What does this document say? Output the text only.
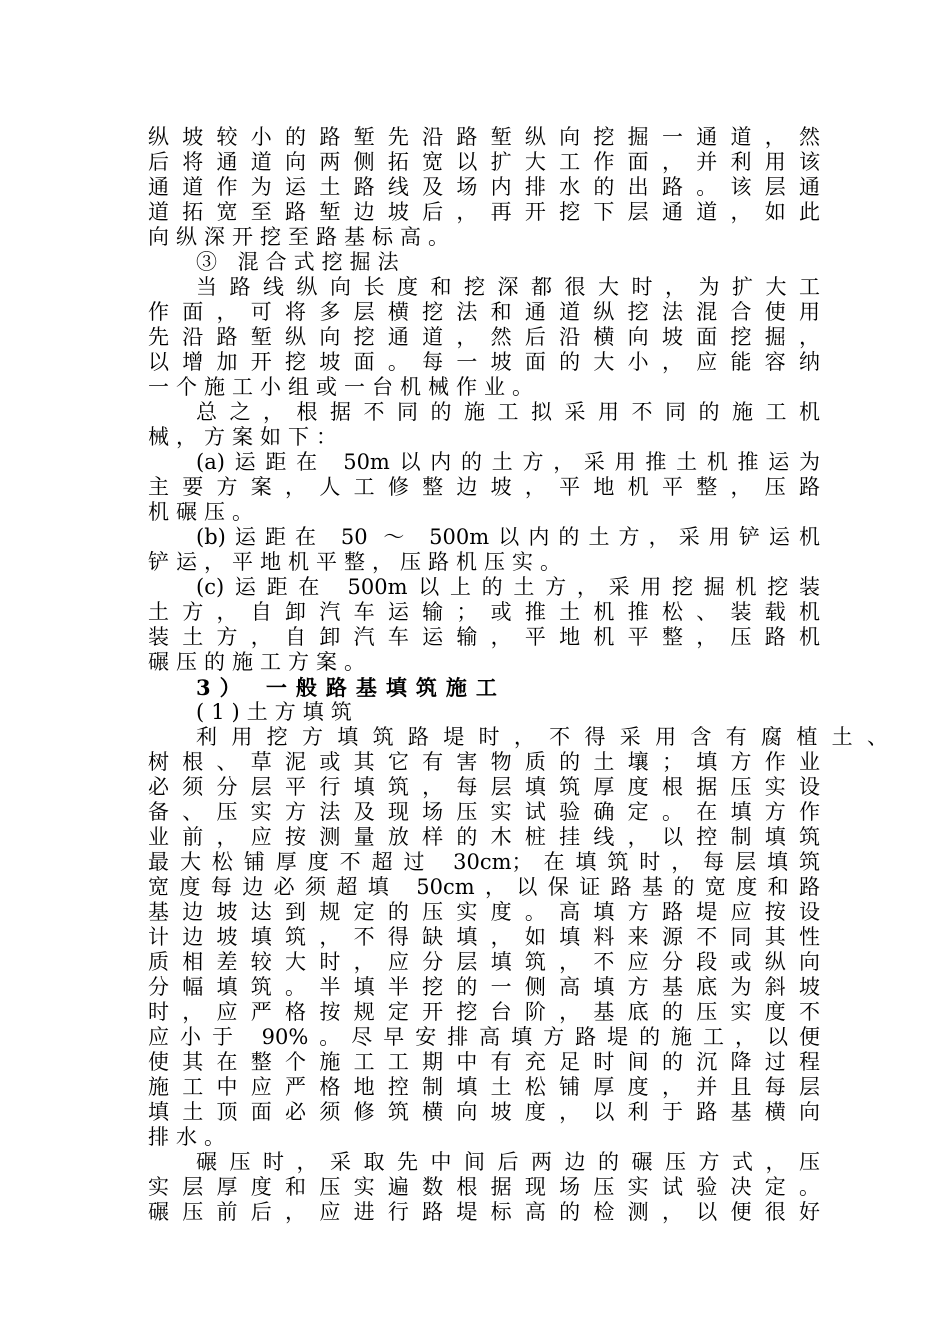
纵坡较小的路堑先沿路堑纵向挖掘一通道，然
后将通道向两侧拓宽以扩大工作面，并利用该
通道作为运土路线及场内排水的出路。该层通
道拓宽至路堑边坡后，再开挖下层通道，如此
向纵深开挖至路基标高。
③ 混合式挖掘法
当路线纵向长度和挖深都很大时，为扩大工
作面，可将多层横挖法和通道纵挖法混合使用
先沿路堑纵向挖通道，然后沿横向坡面挖掘，
以增加开挖坡面。每一坡面的大小，应能容纳
一个施工小组或一台机械作业。
总之，根据不同的施工拟采用不同的施工机
械，方案如下：
(a)运距在 50m以内的土方，采用推土机推运为
主要方案，人工修整边坡，平地机平整，压路
机碾压。
(b)运距在 50 ～ 500m以内的土方，采用铲运机
铲运，平地机平整，压路机压实。
(c)运距在 500m以上的土方，采用挖掘机挖装
土方，自卸汽车运输；或推土机推松、装载机
装土方，自卸汽车运输，平地机平整，压路机
碾压的施工方案。
3） 一般路基填筑施工
(1)土方填筑
利用挖方填筑路堤时，不得采用含有腐植土、
树根、草泥或其它有害物质的土壤；填方作业
必须分层平行填筑，每层填筑厚度根据压实设
备、压实方法及现场压实试验确定。在填方作
业前，应按测量放样的木桩挂线，以控制填筑
最大松铺厚度不超过 30cm；在填筑时，每层填筑
宽度每边必须超填 50cm，以保证路基的宽度和路
基边坡达到规定的压实度。高填方路堤应按设
计边坡填筑，不得缺填，如填料来源不同其性
质相差较大时，应分层填筑，不应分段或纵向
分幅填筑。半填半挖的一侧高填方基底为斜坡
时，应严格按规定开挖台阶，基底的压实度不
应小于 90%。尽早安排高填方路堤的施工，以便
使其在整个施工工期中有充足时间的沉降过程
施工中应严格地控制填土松铺厚度，并且每层
填土顶面必须修筑横向坡度，以利于路基横向
排水。
碾压时，采取先中间后两边的碾压方式，压
实层厚度和压实遍数根据现场压实试验决定。
碾压前后，应进行路堤标高的检测，以便很好
